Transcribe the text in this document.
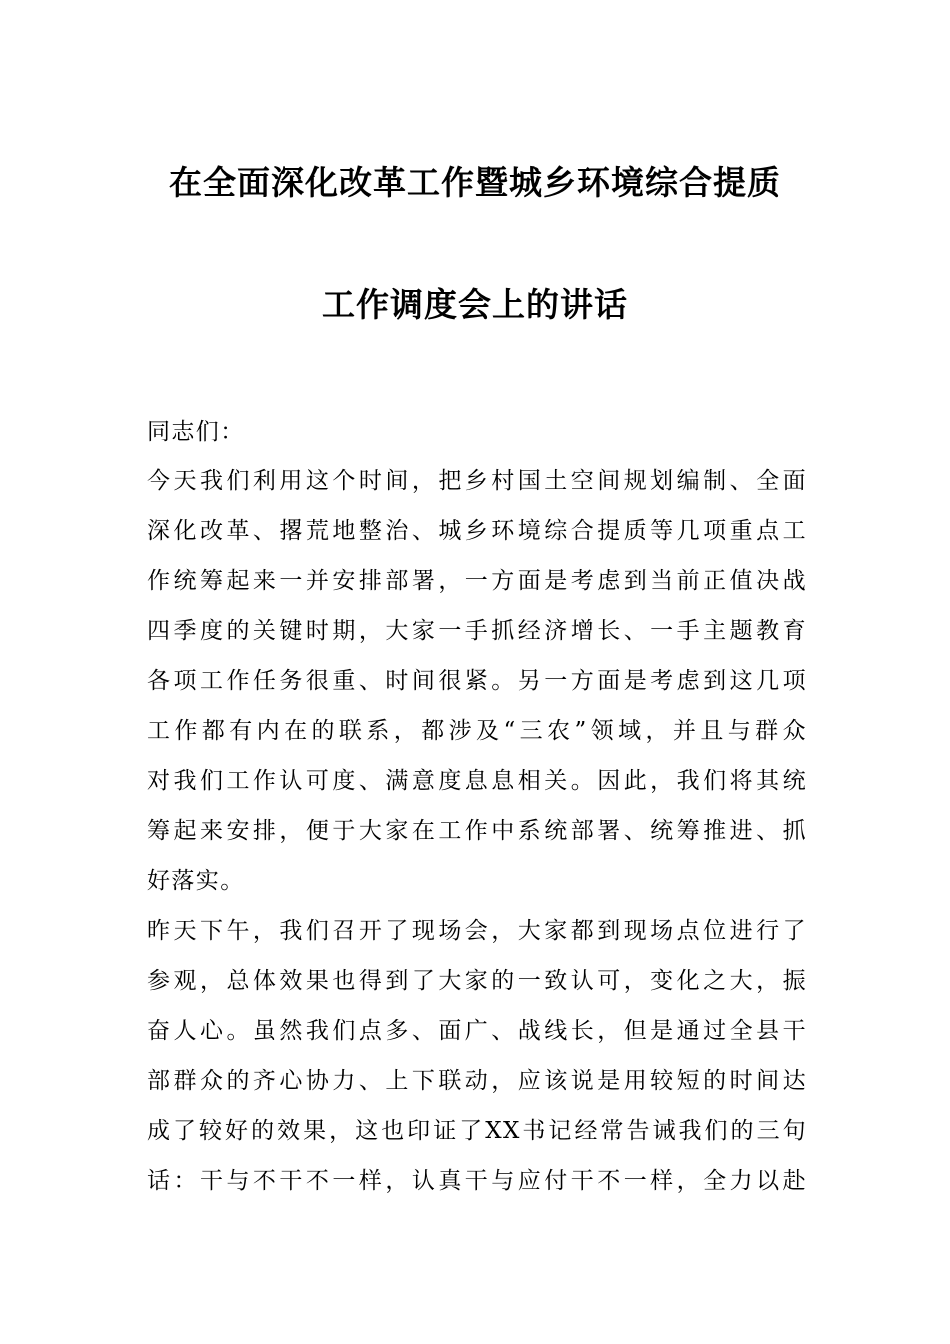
在全面深化改革工作暨城乡环境综合提质
工作调度会上的讲话
同志们：
今天我们利用这个时间，把乡村国土空间规划编制、全面
深化改革、撂荒地整治、城乡环境综合提质等几项重点工
作统筹起来一并安排部署，一方面是考虑到当前正值决战
四季度的关键时期，大家一手抓经济增长、一手主题教育
各项工作任务很重、时间很紧。另一方面是考虑到这几项
工作都有内在的联系，都涉及“三农”领域，并且与群众
对我们工作认可度、满意度息息相关。因此，我们将其统
筹起来安排，便于大家在工作中系统部署、统筹推进、抓
好落实。
昨天下午，我们召开了现场会，大家都到现场点位进行了
参观，总体效果也得到了大家的一致认可，变化之大，振
奋人心。虽然我们点多、面广、战线长，但是通过全县干
部群众的齐心协力、上下联动，应该说是用较短的时间达
成了较好的效果，这也印证了XX书记经常告诫我们的三句
话：干与不干不一样，认真干与应付干不一样，全力以赴
